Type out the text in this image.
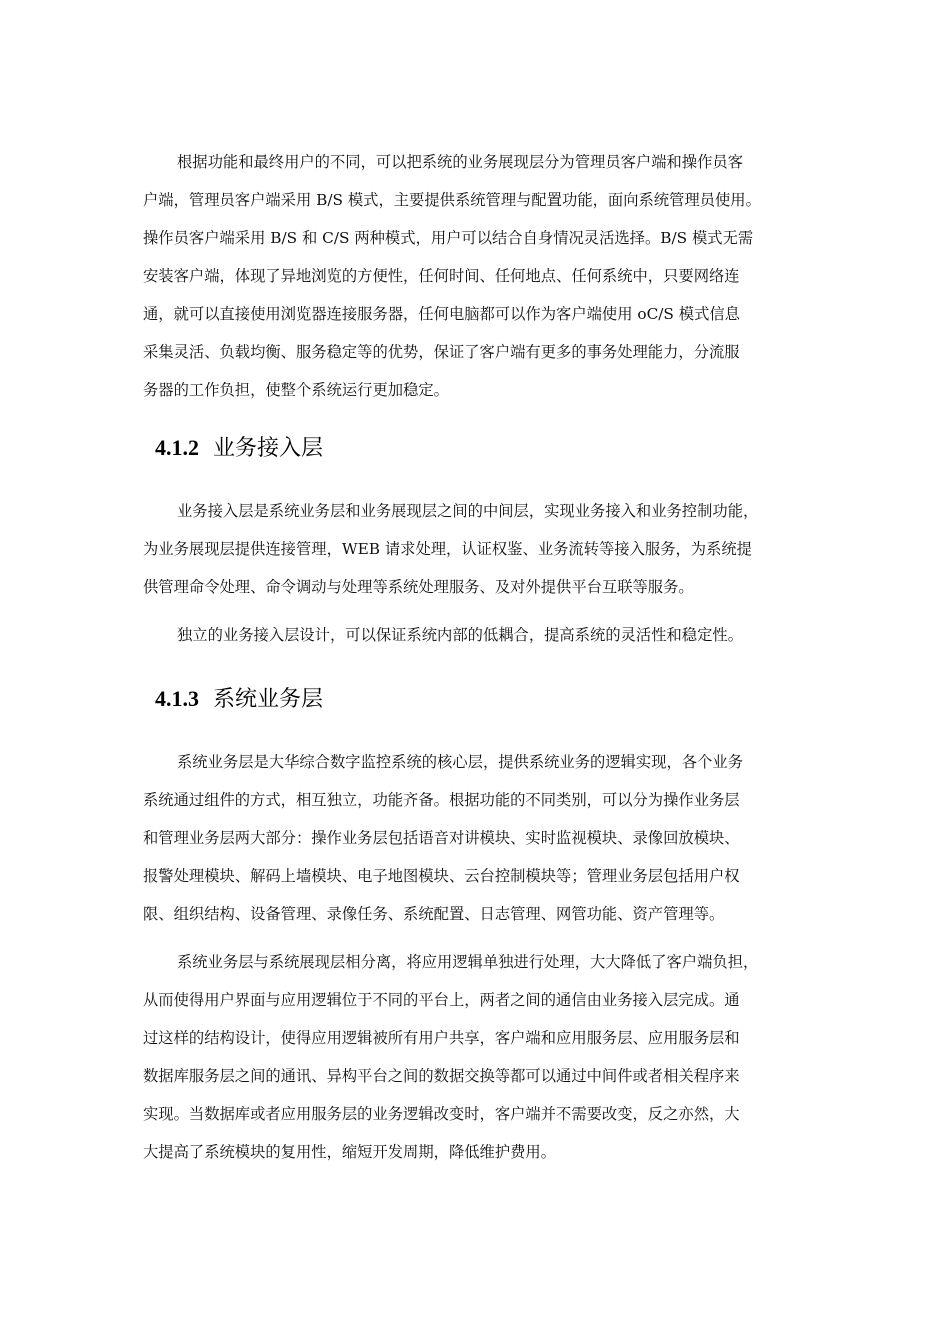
根据功能和最终用户的不同，可以把系统的业务展现层分为管理员客户端和操作员客
户端，管理员客户端采用 B/S 模式，主要提供系统管理与配置功能，面向系统管理员使用。
操作员客户端采用 B/S 和 C/S 两种模式，用户可以结合自身情况灵活选择。B/S 模式无需
安装客户端，体现了异地浏览的方便性，任何时间、任何地点、任何系统中，只要网络连
通，就可以直接使用浏览器连接服务器，任何电脑都可以作为客户端使用 oC/S 模式信息
采集灵活、负载均衡、服务稳定等的优势，保证了客户端有更多的事务处理能力，分流服
务器的工作负担，使整个系统运行更加稳定。
4.1.2 业务接入层
业务接入层是系统业务层和业务展现层之间的中间层，实现业务接入和业务控制功能，
为业务展现层提供连接管理，WEB 请求处理，认证权鉴、业务流转等接入服务，为系统提
供管理命令处理、命令调动与处理等系统处理服务、及对外提供平台互联等服务。
独立的业务接入层设计，可以保证系统内部的低耦合，提高系统的灵活性和稳定性。
4.1.3 系统业务层
系统业务层是大华综合数字监控系统的核心层，提供系统业务的逻辑实现，各个业务
系统通过组件的方式，相互独立，功能齐备。根据功能的不同类别，可以分为操作业务层
和管理业务层两大部分：操作业务层包括语音对讲模块、实时监视模块、录像回放模块、
报警处理模块、解码上墙模块、电子地图模块、云台控制模块等；管理业务层包括用户权
限、组织结构、设备管理、录像任务、系统配置、日志管理、网管功能、资产管理等。
系统业务层与系统展现层相分离，将应用逻辑单独进行处理，大大降低了客户端负担，
从而使得用户界面与应用逻辑位于不同的平台上，两者之间的通信由业务接入层完成。通
过这样的结构设计，使得应用逻辑被所有用户共享，客户端和应用服务层、应用服务层和
数据库服务层之间的通讯、异构平台之间的数据交换等都可以通过中间件或者相关程序来
实现。当数据库或者应用服务层的业务逻辑改变时，客户端并不需要改变，反之亦然，大
大提高了系统模块的复用性，缩短开发周期，降低维护费用。
